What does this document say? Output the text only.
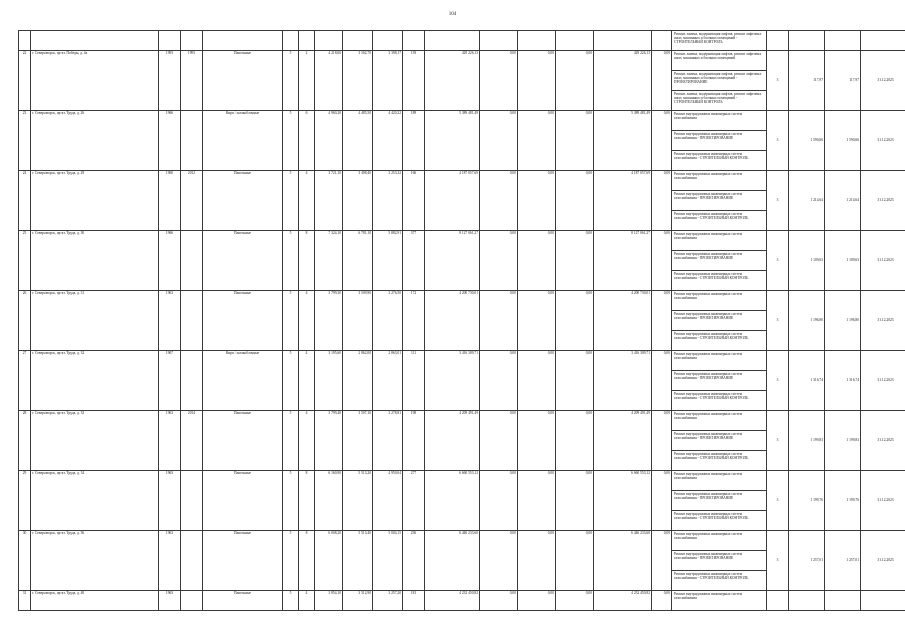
104
																	Ремонт, замена, модернизация лифтов, ремонт лифтовых шахт, машинных и блочных помещений - СТРОИТЕЛЬНЫЙ КОНТРОЛЬ				
22	г. Североморск, пр-кт. Победы, д. 4а	1993	1993	Панельные	5	2	4 218,60	3 502,70	3 398,17	139	429 226,13	0,00	0,00	0,00	429 226,13	0,00	Ремонт, замена, модернизация лифтов, ремонт лифтовых шахт, машинных и блочных помещений	3	117,97	117,97	31.12.2023
																	Ремонт, замена, модернизация лифтов, ремонт лифтовых шахт, машинных и блочных помещений - ПРОЕКТИРОВАНИЕ				
																	Ремонт, замена, модернизация лифтов, ремонт лифтовых шахт, машинных и блочных помещений - СТРОИТЕЛЬНЫЙ КОНТРОЛЬ				
23	г. Североморск, пр-кт. Труда, д. 26	1966		Кирп / шлакоблочные	5	6	4 960,20	4 485,50	4 420,22	189	5 389 481,49	0,00	0,00	0,00	5 389 481,49	0,00	Ремонт внутридомовых инженерных систем газоснабжения	3	1 590,66	1 590,66	31.12.2023
																	Ремонт внутридомовых инженерных систем газоснабжения - ПРОЕКТИРОВАНИЕ				
																	Ремонт внутридомовых инженерных систем газоснабжения - СТРОИТЕЛЬНЫЙ КОНТРОЛЬ				
24	г. Североморск, пр-кт. Труда, д. 29	1960	2012	Панельные	5	4	3 721,10	3 498,40	3 253,32	166	4 187 057,69	0,00	0,00	0,00	4 187 057,69	0,00	Ремонт внутридомовых инженерных систем газоснабжения	3	1 214,64	1 214,64	31.12.2023
																	Ремонт внутридомовых инженерных систем газоснабжения - ПРОЕКТИРОВАНИЕ				
																	Ремонт внутридомовых инженерных систем газоснабжения - СТРОИТЕЛЬНЫЙ КОНТРОЛЬ				
25	г. Североморск, пр-кт. Труда, д. 30	1966		Панельные	5	8	7 324,10	6 781,10	5 882,91	377	8 127 061,27	0,00	0,00	0,00	8 127 061,27	0,00	Ремонт внутридомовых инженерных систем газоснабжения	3	1 109,63	1 109,63	31.12.2023
																	Ремонт внутридомовых инженерных систем газоснабжения - ПРОЕКТИРОВАНИЕ				
																	Ремонт внутридомовых инженерных систем газоснабжения - СТРОИТЕЛЬНЫЙ КОНТРОЛЬ				
26	г. Североморск, пр-кт. Труда, д. 31	1963		Панельные	5	4	3 799,30	3 509,90	3 276,50	172	4 200 730,01	0,00	0,00	0,00	4 200 730,01	0,00	Ремонт внутридомовых инженерных систем газоснабжения	3	1 196,80	1 196,80	31.12.2023
																	Ремонт внутридомовых инженерных систем газоснабжения - ПРОЕКТИРОВАНИЕ				
																	Ремонт внутридомовых инженерных систем газоснабжения - СТРОИТЕЛЬНЫЙ КОНТРОЛЬ				
27	г. Североморск, пр-кт. Труда, д. 32	1967		Кирп / шлакоблочные	5	4	3 195,60	2 862,00	2 863,01	111	3 416 309,71	0,00	0,00	0,00	3 416 309,71	0,00	Ремонт внутридомовых инженерных систем газоснабжения	3	1 316,74	1 316,74	31.12.2023
																	Ремонт внутридомовых инженерных систем газоснабжения - ПРОЕКТИРОВАНИЕ				
																	Ремонт внутридомовых инженерных систем газоснабжения - СТРОИТЕЛЬНЫЙ КОНТРОЛЬ				
28	г. Североморск, пр-кт. Труда, д. 33	1963	2014	Панельные	5	4	3 799,40	3 507,10	3 278,81	198	4 209 491,49	0,00	0,00	0,00	4 209 491,49	0,00	Ремонт внутридомовых инженерных систем газоснабжения	3	1 199,83	1 199,83	31.12.2023
																	Ремонт внутридомовых инженерных систем газоснабжения - ПРОЕКТИРОВАНИЕ				
																	Ремонт внутридомовых инженерных систем газоснабжения - СТРОИТЕЛЬНЫЙ КОНТРОЛЬ				
29	г. Североморск, пр-кт. Труда, д. 34	1963		Панельные	5	8	6 160,90	5 513,20	4 950,04	277	6 660 553,12	0,00	0,00	0,00	6 660 553,12	0,00	Ремонт внутридомовых инженерных систем газоснабжения	3	1 199,76	1 199,76	31.12.2023
																	Ремонт внутридомовых инженерных систем газоснабжения - ПРОЕКТИРОВАНИЕ				
																	Ремонт внутридомовых инженерных систем газоснабжения - СТРОИТЕЛЬНЫЙ КОНТРОЛЬ				
30	г. Североморск, пр-кт. Труда, д. 36	1963		Панельные	5	8	6 008,20	5 513,40	5 004,15	236	6 446 233,60	0,00	0,00	0,00	6 446 233,60	0,00	Ремонт внутридомовых инженерных систем газоснабжения	3	1 257,01	1 257,01	31.12.2023
																	Ремонт внутридомовых инженерных систем газоснабжения - ПРОЕКТИРОВАНИЕ				
																	Ремонт внутридомовых инженерных систем газоснабжения - СТРОИТЕЛЬНЫЙ КОНТРОЛЬ				
31	г. Североморск, пр-кт. Труда, д. 40	1963		Панельные	5	4	3 854,10	3 512,90	3 257,20	181	4 232 450,82	0,00	0,00	0,00	4 232 450,82	0,00	Ремонт внутридомовых инженерных систем газоснабжения				
